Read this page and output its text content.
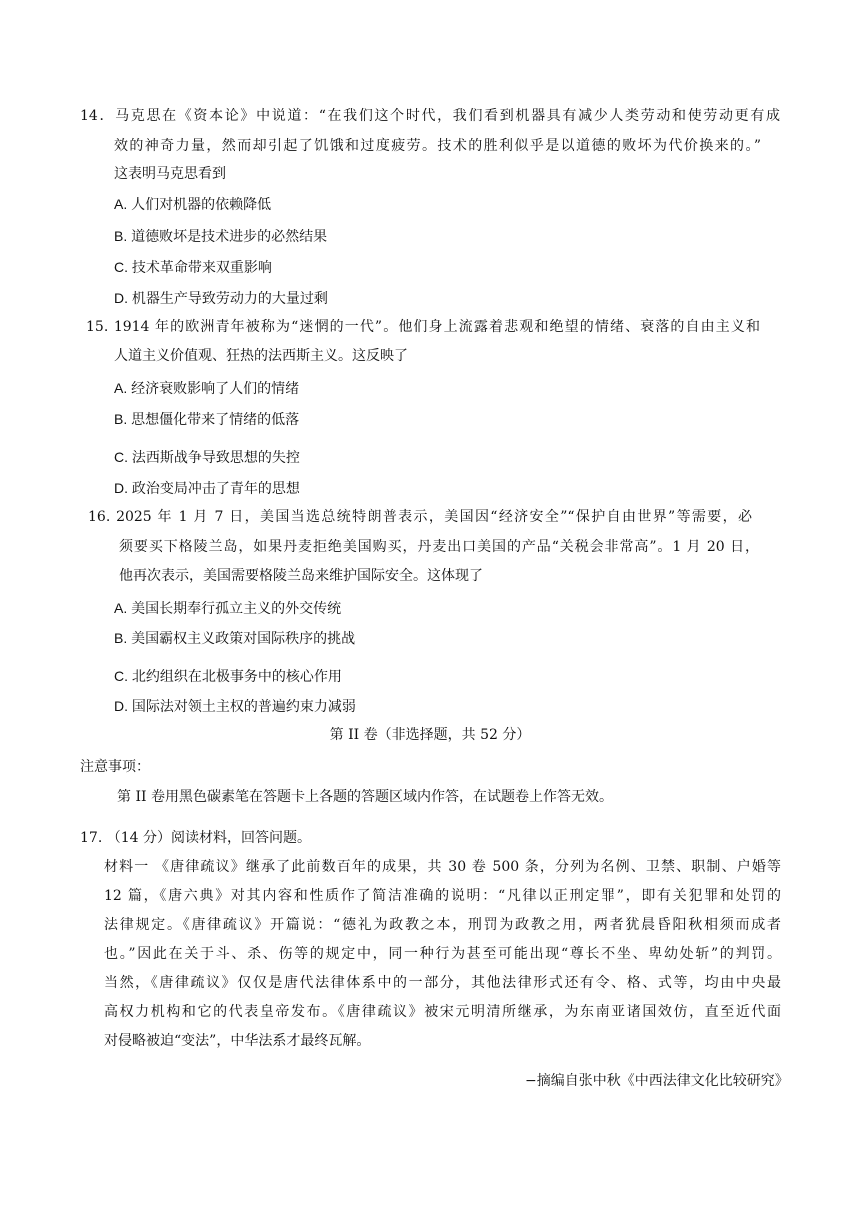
14．马克思在《资本论》中说道：“在我们这个时代，我们看到机器具有减少人类劳动和使劳动更有成
效的神奇力量，然而却引起了饥饿和过度疲劳。技术的胜利似乎是以道德的败坏为代价换来的。”
这表明马克思看到
A. 人们对机器的依赖降低
B. 道德败坏是技术进步的必然结果
C. 技术革命带来双重影响
D. 机器生产导致劳动力的大量过剩
15. 1914 年的欧洲青年被称为“迷惘的一代”。他们身上流露着悲观和绝望的情绪、衰落的自由主义和
人道主义价值观、狂热的法西斯主义。这反映了
A. 经济衰败影响了人们的情绪
B. 思想僵化带来了情绪的低落
C. 法西斯战争导致思想的失控
D. 政治变局冲击了青年的思想
16. 2025 年 1 月 7 日，美国当选总统特朗普表示，美国因“经济安全”“保护自由世界”等需要，必
须要买下格陵兰岛，如果丹麦拒绝美国购买，丹麦出口美国的产品“关税会非常高”。1 月 20 日，
他再次表示，美国需要格陵兰岛来维护国际安全。这体现了
A. 美国长期奉行孤立主义的外交传统
B. 美国霸权主义政策对国际秩序的挑战
C. 北约组织在北极事务中的核心作用
D. 国际法对领土主权的普遍约束力减弱
第 II 卷（非选择题，共 52 分）
注意事项：
第 II 卷用黑色碳素笔在答题卡上各题的答题区域内作答，在试题卷上作答无效。
17. （14 分）阅读材料，回答问题。
材料一 《唐律疏议》继承了此前数百年的成果，共 30 卷 500 条，分列为名例、卫禁、职制、户婚等
12 篇，《唐六典》对其内容和性质作了简洁准确的说明：“凡律以正刑定罪”，即有关犯罪和处罚的
法律规定。《唐律疏议》开篇说：“德礼为政教之本，刑罚为政教之用，两者犹晨昏阳秋相须而成者
也。”因此在关于斗、杀、伤等的规定中，同一种行为甚至可能出现“尊长不坐、卑幼处斩”的判罚。
当然，《唐律疏议》仅仅是唐代法律体系中的一部分，其他法律形式还有令、格、式等，均由中央最
高权力机构和它的代表皇帝发布。《唐律疏议》被宋元明清所继承，为东南亚诸国效仿，直至近代面
对侵略被迫“变法”，中华法系才最终瓦解。
−摘编自张中秋《中西法律文化比较研究》
